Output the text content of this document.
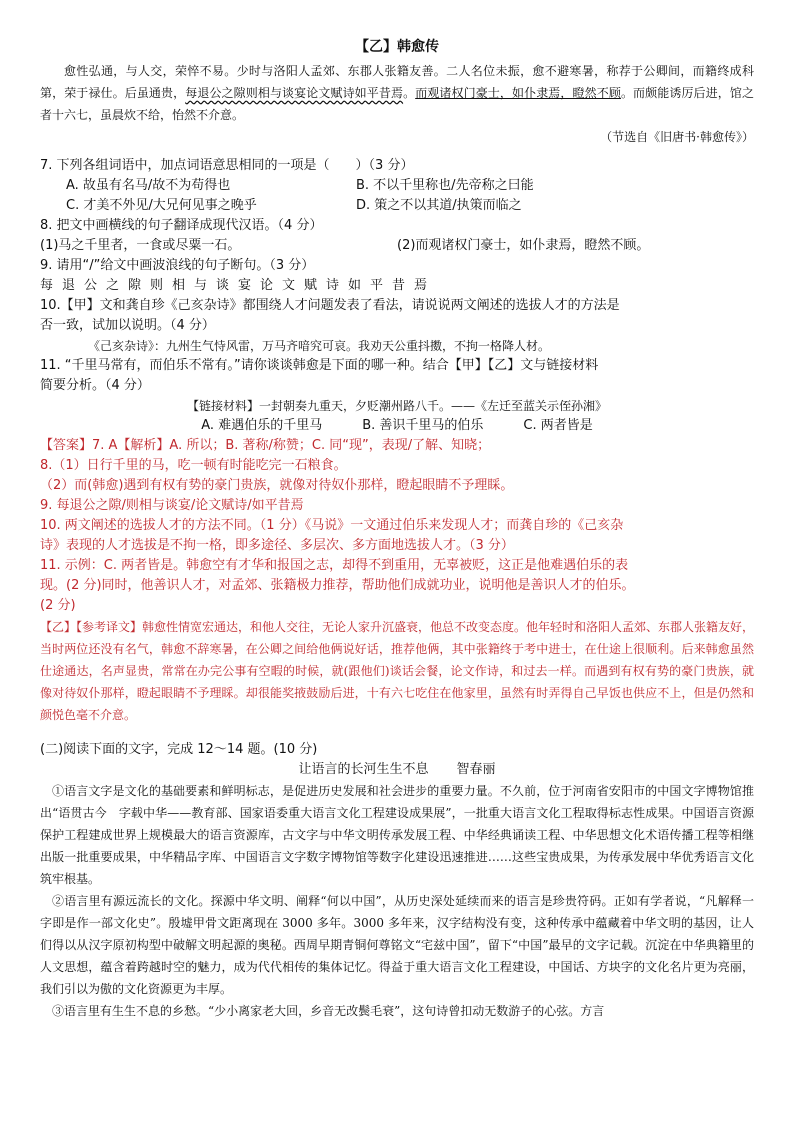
【乙】韩愈传

愈性弘通，与人交，荣悴不易。少时与洛阳人孟郊、东郡人张籍友善。二人名位未振，愈不避寒暑，称荐于公卿间，而籍终成科第，荣于禄仕。后虽通贵，每退公之隙则相与谈宴论文赋诗如平昔焉。而观诸权门豪士，如仆隶焉，瞪然不顾。而颇能诱厉后进，馆之者十六七，虽晨炊不给，怡然不介意。

（节选自《旧唐书·韩愈传》）

7. 下列各组词语中，加点词语意思相同的一项是（　　）（3 分）

A. 故虽有名马/故不为苟得也	B. 不以千里称也/先帝称之曰能
C. 才美不外见/大兄何见事之晚乎	D. 策之不以其道/执策而临之

8. 把文中画横线的句子翻译成现代汉语。（4 分）

(1)马之千里者，一食或尽粟一石。	(2)而观诸权门豪士，如仆隶焉，瞪然不顾。

9. 请用“/”给文中画波浪线的句子断句。（3 分）

每退公之隙则相与谈宴论文赋诗如平昔焉

10.【甲】文和龚自珍《己亥杂诗》都围绕人才问题发表了看法，请说说两文阐述的选拔人才的方法是

否一致，试加以说明。（4 分）

《己亥杂诗》：九州生气恃风雷，万马齐喑究可哀。我劝天公重抖擞，不拘一格降人材。

11. “千里马常有，而伯乐不常有。”请你谈谈韩愈是下面的哪一种。结合【甲】【乙】文与链接材料

简要分析。（4 分）

【链接材料】一封朝奏九重天，夕贬潮州路八千。——《左迁至蓝关示侄孙湘》

A. 难遇伯乐的千里马	B. 善识千里马的伯乐	C. 两者皆是

【答案】7. A【解析】A. 所以；B. 著称/称赞；C. 同“现”，表现/了解、知晓；

8.（1）日行千里的马，吃一顿有时能吃完一石粮食。

（2）而(韩愈)遇到有权有势的豪门贵族，就像对待奴仆那样，瞪起眼睛不予理睬。

9. 每退公之隙/则相与谈宴/论文赋诗/如平昔焉

10. 两文阐述的选拔人才的方法不同。（1 分）《马说》一文通过伯乐来发现人才；而龚自珍的《己亥杂

诗》表现的人才选拔是不拘一格，即多途径、多层次、多方面地选拔人才。（3 分）

11. 示例：C. 两者皆是。韩愈空有才华和报国之志，却得不到重用，无辜被贬，这正是他难遇伯乐的表

现。(2 分)同时，他善识人才，对孟郊、张籍极力推荐，帮助他们成就功业，说明他是善识人才的伯乐。

(2 分)

【乙】【参考译文】韩愈性情宽宏通达，和他人交往，无论人家升沉盛衰，他总不改变态度。他年轻时和洛阳人孟郊、东郡人张籍友好，当时两位还没有名气，韩愈不辞寒暑，在公卿之间给他俩说好话，推荐他俩，其中张籍终于考中进士，在仕途上很顺利。后来韩愈虽然仕途通达，名声显贵，常常在办完公事有空暇的时候，就(跟他们)谈话会餐，论文作诗，和过去一样。而遇到有权有势的豪门贵族，就像对待奴仆那样，瞪起眼睛不予理睬。却很能奖掖鼓励后进，十有六七吃住在他家里，虽然有时弄得自己早饭也供应不上，但是仍然和颜悦色毫不介意。

(二)阅读下面的文字，完成 12～14 题。(10 分)

让语言的长河生生不息 智春丽

①语言文字是文化的基础要素和鲜明标志，是促进历史发展和社会进步的重要力量。不久前，位于河南省安阳市的中国文字博物馆推出“语贯古今　字载中华——教育部、国家语委重大语言文化工程建设成果展”，一批重大语言文化工程取得标志性成果。中国语言资源保护工程建成世界上规模最大的语言资源库，古文字与中华文明传承发展工程、中华经典诵读工程、中华思想文化术语传播工程等相继出版一批重要成果，中华精品字库、中国语言文字数字博物馆等数字化建设迅速推进……这些宝贵成果，为传承发展中华优秀语言文化筑牢根基。

②语言里有源远流长的文化。探源中华文明、阐释“何以中国”，从历史深处延续而来的语言是珍贵符码。正如有学者说，“凡解释一字即是作一部文化史”。殷墟甲骨文距离现在 3000 多年。3000 多年来，汉字结构没有变，这种传承中蕴藏着中华文明的基因，让人们得以从汉字原初构型中破解文明起源的奥秘。西周早期青铜何尊铭文“宅兹中国”，留下“中国”最早的文字记载。沉淀在中华典籍里的人文思想，蕴含着跨越时空的魅力，成为代代相传的集体记忆。得益于重大语言文化工程建设，中国话、方块字的文化名片更为亮丽，我们引以为傲的文化资源更为丰厚。

③语言里有生生不息的乡愁。“少小离家老大回，乡音无改鬓毛衰”，这句诗曾扣动无数游子的心弦。方言
